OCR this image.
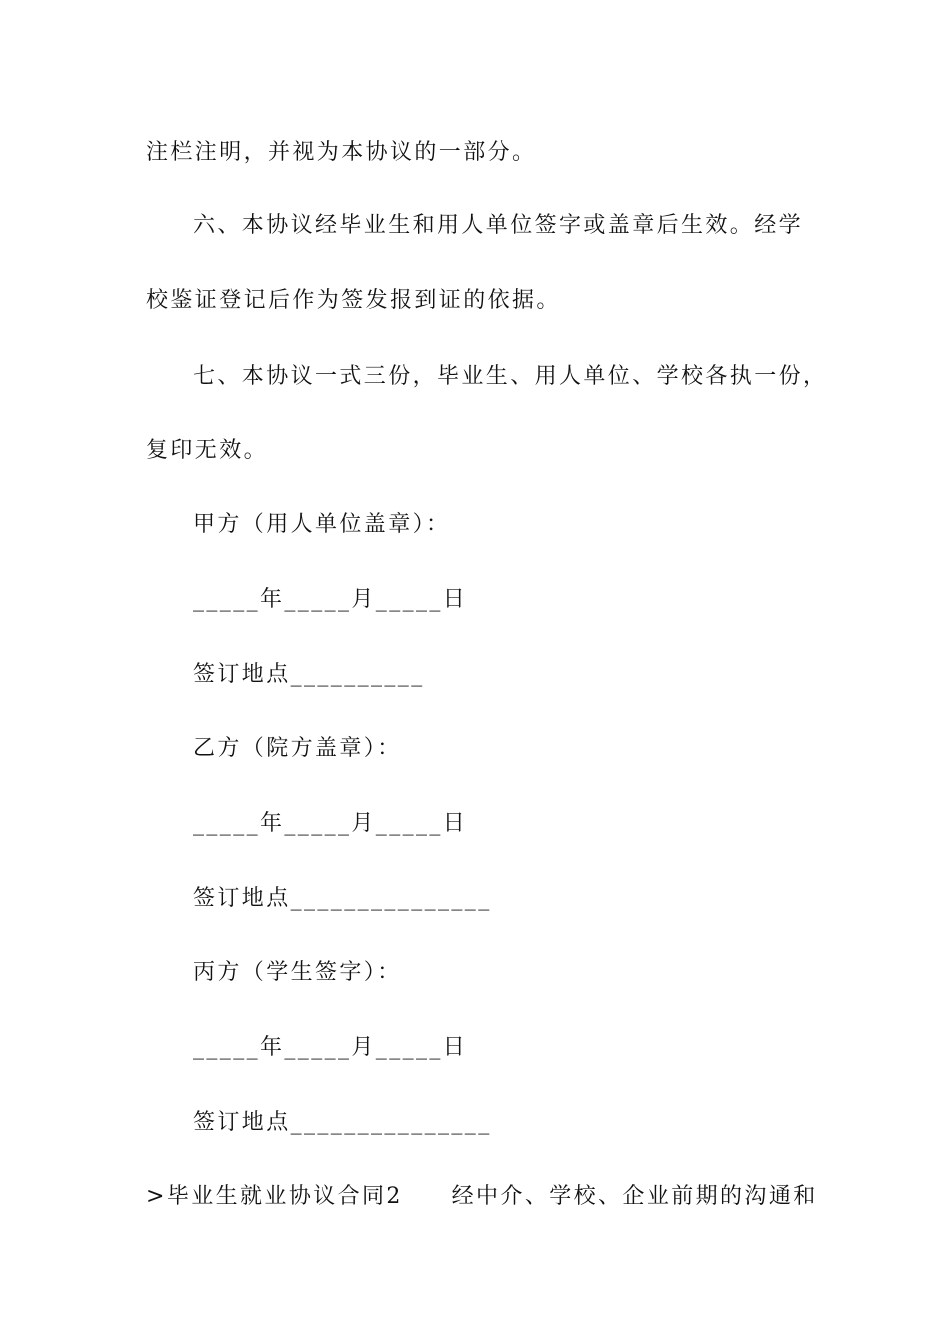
注栏注明，并视为本协议的一部分。

六、本协议经毕业生和用人单位签字或盖章后生效。经学

校鉴证登记后作为签发报到证的依据。

七、本协议一式三份，毕业生、用人单位、学校各执一份，

复印无效。

甲方（用人单位盖章）：

_____年_____月_____日

签订地点__________

乙方（院方盖章）：

_____年_____月_____日

签订地点_______________

丙方（学生签字）：

_____年_____月_____日

签订地点_______________

>毕业生就业协议合同2　　经中介、学校、企业前期的沟通和
